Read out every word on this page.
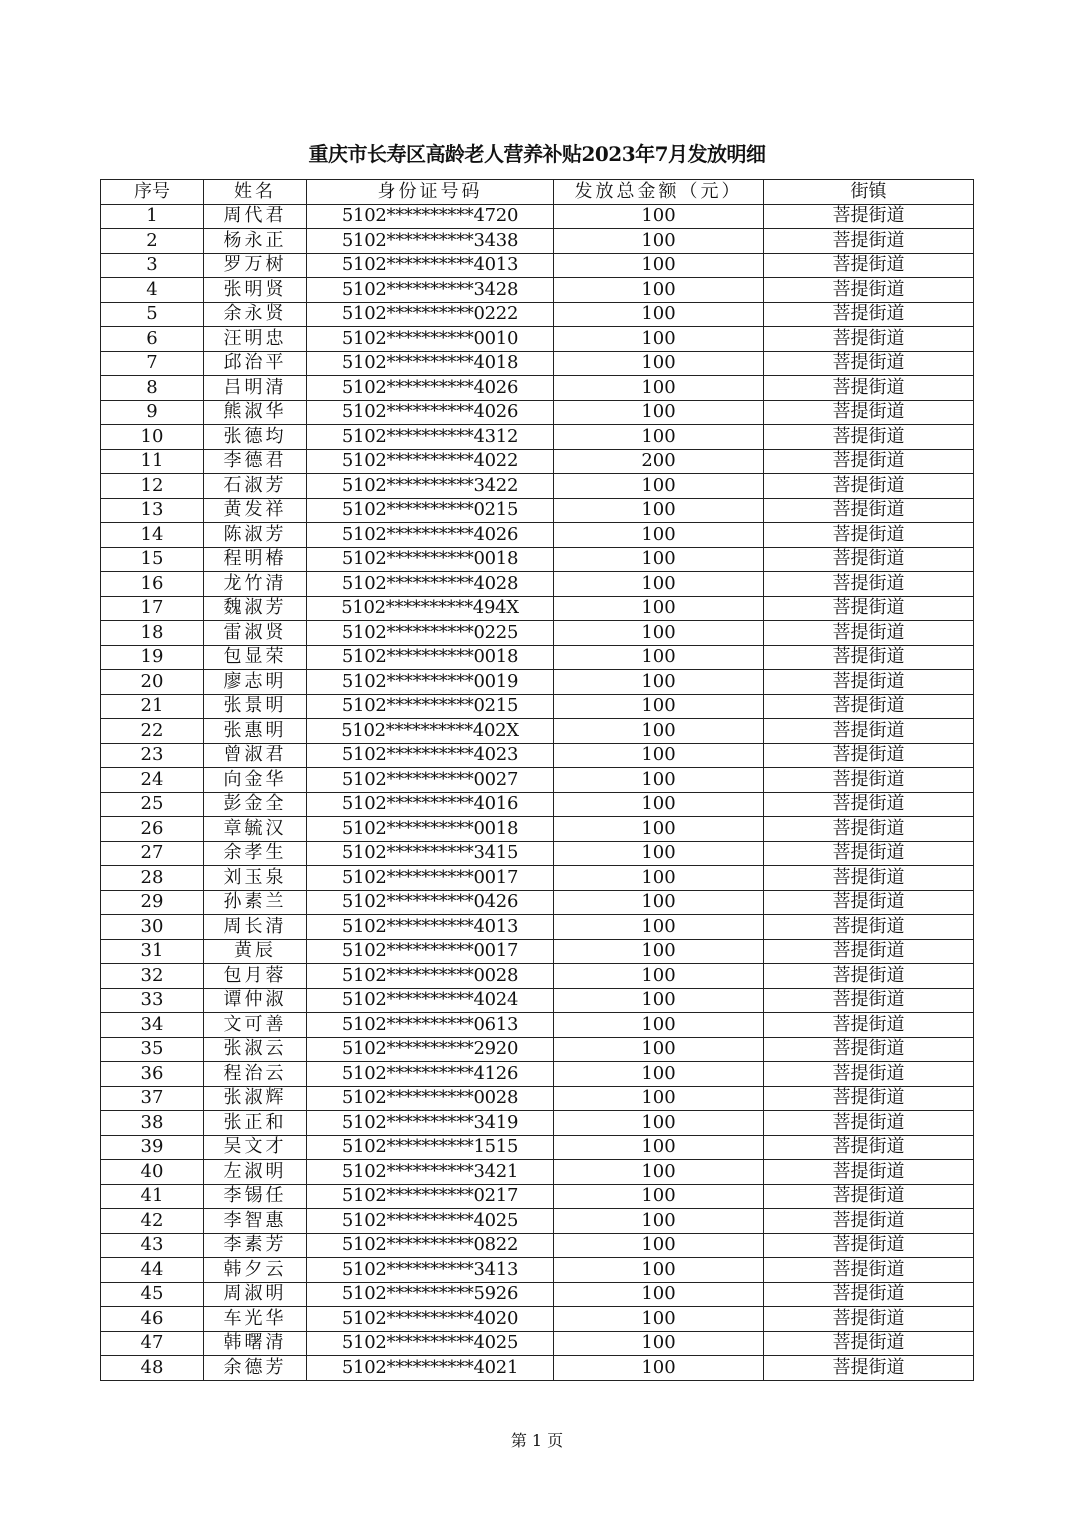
重庆市长寿区高龄老人营养补贴2023年7月发放明细
序号	姓名	身份证号码	发放总金额（元）	街镇
1	周代君	5102**********4720	100	菩提街道
2	杨永正	5102**********3438	100	菩提街道
3	罗万树	5102**********4013	100	菩提街道
4	张明贤	5102**********3428	100	菩提街道
5	余永贤	5102**********0222	100	菩提街道
6	汪明忠	5102**********0010	100	菩提街道
7	邱治平	5102**********4018	100	菩提街道
8	吕明清	5102**********4026	100	菩提街道
9	熊淑华	5102**********4026	100	菩提街道
10	张德均	5102**********4312	100	菩提街道
11	李德君	5102**********4022	200	菩提街道
12	石淑芳	5102**********3422	100	菩提街道
13	黄发祥	5102**********0215	100	菩提街道
14	陈淑芳	5102**********4026	100	菩提街道
15	程明椿	5102**********0018	100	菩提街道
16	龙竹清	5102**********4028	100	菩提街道
17	魏淑芳	5102**********494X	100	菩提街道
18	雷淑贤	5102**********0225	100	菩提街道
19	包显荣	5102**********0018	100	菩提街道
20	廖志明	5102**********0019	100	菩提街道
21	张景明	5102**********0215	100	菩提街道
22	张惠明	5102**********402X	100	菩提街道
23	曾淑君	5102**********4023	100	菩提街道
24	向金华	5102**********0027	100	菩提街道
25	彭金全	5102**********4016	100	菩提街道
26	章毓汉	5102**********0018	100	菩提街道
27	余孝生	5102**********3415	100	菩提街道
28	刘玉泉	5102**********0017	100	菩提街道
29	孙素兰	5102**********0426	100	菩提街道
30	周长清	5102**********4013	100	菩提街道
31	黄辰	5102**********0017	100	菩提街道
32	包月蓉	5102**********0028	100	菩提街道
33	谭仲淑	5102**********4024	100	菩提街道
34	文可善	5102**********0613	100	菩提街道
35	张淑云	5102**********2920	100	菩提街道
36	程治云	5102**********4126	100	菩提街道
37	张淑辉	5102**********0028	100	菩提街道
38	张正和	5102**********3419	100	菩提街道
39	吴文才	5102**********1515	100	菩提街道
40	左淑明	5102**********3421	100	菩提街道
41	李锡任	5102**********0217	100	菩提街道
42	李智惠	5102**********4025	100	菩提街道
43	李素芳	5102**********0822	100	菩提街道
44	韩夕云	5102**********3413	100	菩提街道
45	周淑明	5102**********5926	100	菩提街道
46	车光华	5102**********4020	100	菩提街道
47	韩曙清	5102**********4025	100	菩提街道
48	余德芳	5102**********4021	100	菩提街道
第 1 页
